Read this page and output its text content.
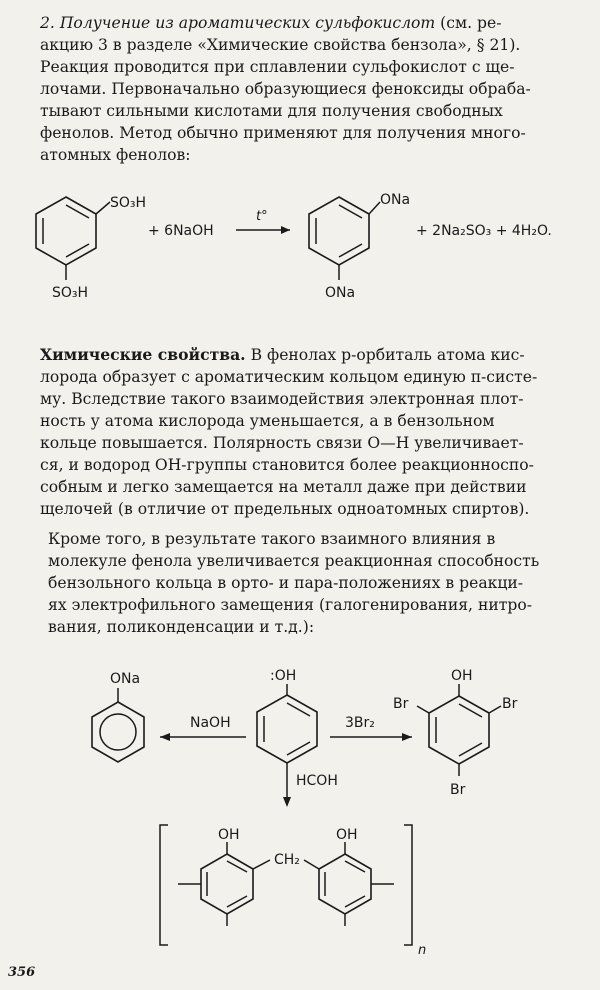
2. Получение из ароматических сульфокислот (см. ре-
акцию 3 в разделе «Химические свойства бензола», § 21).
Реакция проводится при сплавлении сульфокислот с ще-
лочами. Первоначально образующиеся феноксиды обраба-
тывают сильными кислотами для получения свободных
фенолов. Метод обычно применяют для получения много-
атомных фенолов:
SO₃H
SO₃H
+ 6NaOH
t°
ONa
ONa
+ 2Na₂SO₃ + 4H₂O.
Химические свойства. В фенолах p-орбиталь атома кис-
лорода образует с ароматическим кольцом единую π-систе-
му. Вследствие такого взаимодействия электронная плот-
ность у атома кислорода уменьшается, а в бензольном
кольце повышается. Полярность связи О—Н увеличивает-
ся, и водород ОН-группы становится более реакционноспо-
собным и легко замещается на металл даже при действии
щелочей (в отличие от предельных одноатомных спиртов).
Кроме того, в результате такого взаимного влияния в
молекуле фенола увеличивается реакционная способность
бензольного кольца в орто- и пара-положениях в реакци-
ях электрофильного замещения (галогенирования, нитро-
вания, поликонденсации и т.д.):
ONa
NaOH
:OH
3Br₂
HCOH
OH
Br	Br
Br
n
OH
CH₂
OH
356
